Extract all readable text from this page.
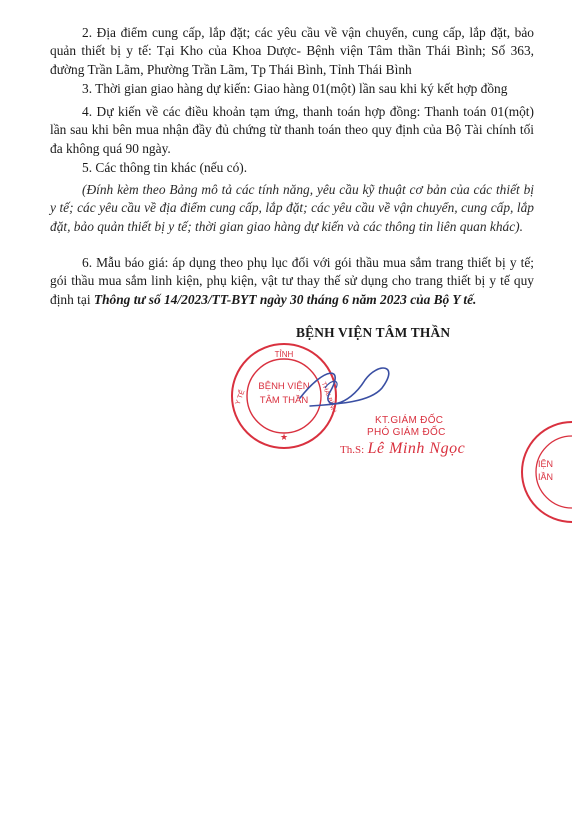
2. Địa điểm cung cấp, lắp đặt; các yêu cầu về vận chuyển, cung cấp, lắp đặt, bảo quản thiết bị y tế: Tại Kho của Khoa Dược- Bệnh viện Tâm thần Thái Bình; Số 363, đường Trần Lãm, Phường Trần Lãm, Tp Thái Bình, Tỉnh Thái Bình

3. Thời gian giao hàng dự kiến: Giao hàng 01(một) lần sau khi ký kết hợp đồng

4. Dự kiến về các điều khoản tạm ứng, thanh toán hợp đồng: Thanh toán 01(một) lần sau khi bên mua nhận đầy đủ chứng từ thanh toán theo quy định của Bộ Tài chính tối đa không quá 90 ngày.

5. Các thông tin khác (nếu có).

(Đính kèm theo Bảng mô tả các tính năng, yêu cầu kỹ thuật cơ bản của các thiết bị y tế; các yêu cầu về địa điểm cung cấp, lắp đặt; các yêu cầu về vận chuyển, cung cấp, lắp đặt, bảo quản thiết bị y tế; thời gian giao hàng dự kiến và các thông tin liên quan khác).

6. Mẫu báo giá: áp dụng theo phụ lục đối với gói thầu mua sắm trang thiết bị y tế; gói thầu mua sắm linh kiện, phụ kiện, vật tư thay thế sử dụng cho trang thiết bị y tế quy định tại Thông tư số 14/2023/TT-BYT ngày 30 tháng 6 năm 2023 của Bộ Y tế.

BỆNH VIỆN TÂM THẦN
TỈNH
Y TẾ	THÁI BÌNH
BỆNH VIỆN
TÂM THẦN
★
KT.GIÁM ĐỐC
PHÓ GIÁM ĐỐC
Th.S: Lê Minh Ngọc
IỆN
IẦN
